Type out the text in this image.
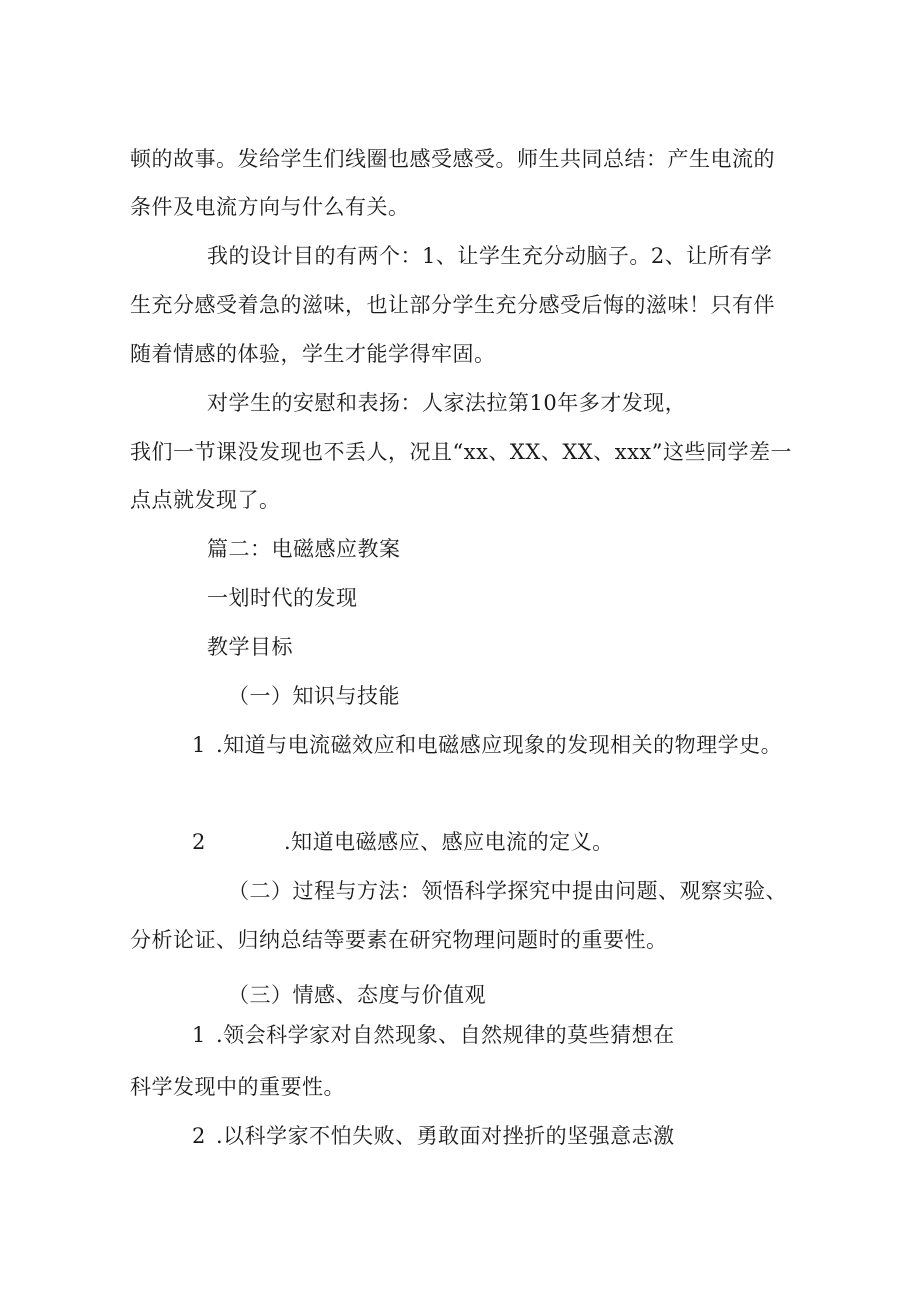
顿的故事。发给学生们线圈也感受感受。师生共同总结：产生电流的
条件及电流方向与什么有关。
我的设计目的有两个：1、让学生充分动脑子。2、让所有学
生充分感受着急的滋味，也让部分学生充分感受后悔的滋味！只有伴
随着情感的体验，学生才能学得牢固。
对学生的安慰和表扬：人家法拉第10年多才发现，
我们一节课没发现也不丢人，况且“xx、XX、XX、xxx”这些同学差一
点点就发现了。
篇二：电磁感应教案
一划时代的发现
教学目标
（一）知识与技能
1 .知道与电流磁效应和电磁感应现象的发现相关的物理学史。
2	.知道电磁感应、感应电流的定义。
（二）过程与方法：领悟科学探究中提由问题、观察实验、
分析论证、归纳总结等要素在研究物理问题时的重要性。
（三）情感、态度与价值观
1 .领会科学家对自然现象、自然规律的莫些猜想在
科学发现中的重要性。
2 .以科学家不怕失败、勇敢面对挫折的坚强意志激
